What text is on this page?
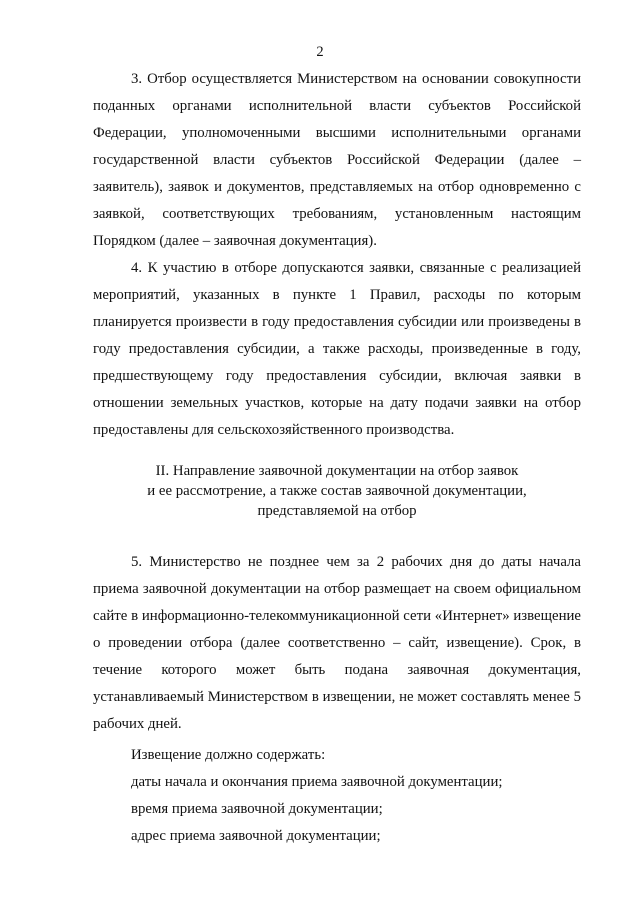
2

3. Отбор осуществляется Министерством на основании совокупности поданных органами исполнительной власти субъектов Российской Федерации, уполномоченными высшими исполнительными органами государственной власти субъектов Российской Федерации (далее – заявитель), заявок и документов, представляемых на отбор одновременно с заявкой, соответствующих требованиям, установленным настоящим Порядком (далее – заявочная документация).

4. К участию в отборе допускаются заявки, связанные с реализацией мероприятий, указанных в пункте 1 Правил, расходы по которым планируется произвести в году предоставления субсидии или произведены в году предоставления субсидии, а также расходы, произведенные в году, предшествующему году предоставления субсидии, включая заявки в отношении земельных участков, которые на дату подачи заявки на отбор предоставлены для сельскохозяйственного производства.

II. Направление заявочной документации на отбор заявок
и ее рассмотрение, а также состав заявочной документации,
представляемой на отбор

5. Министерство не позднее чем за 2 рабочих дня до даты начала приема заявочной документации на отбор размещает на своем официальном сайте в информационно-телекоммуникационной сети «Интернет» извещение о проведении отбора (далее соответственно – сайт, извещение). Срок, в течение которого может быть подана заявочная документация, устанавливаемый Министерством в извещении, не может составлять менее 5 рабочих дней.

Извещение должно содержать:

даты начала и окончания приема заявочной документации;

время приема заявочной документации;

адрес приема заявочной документации;
